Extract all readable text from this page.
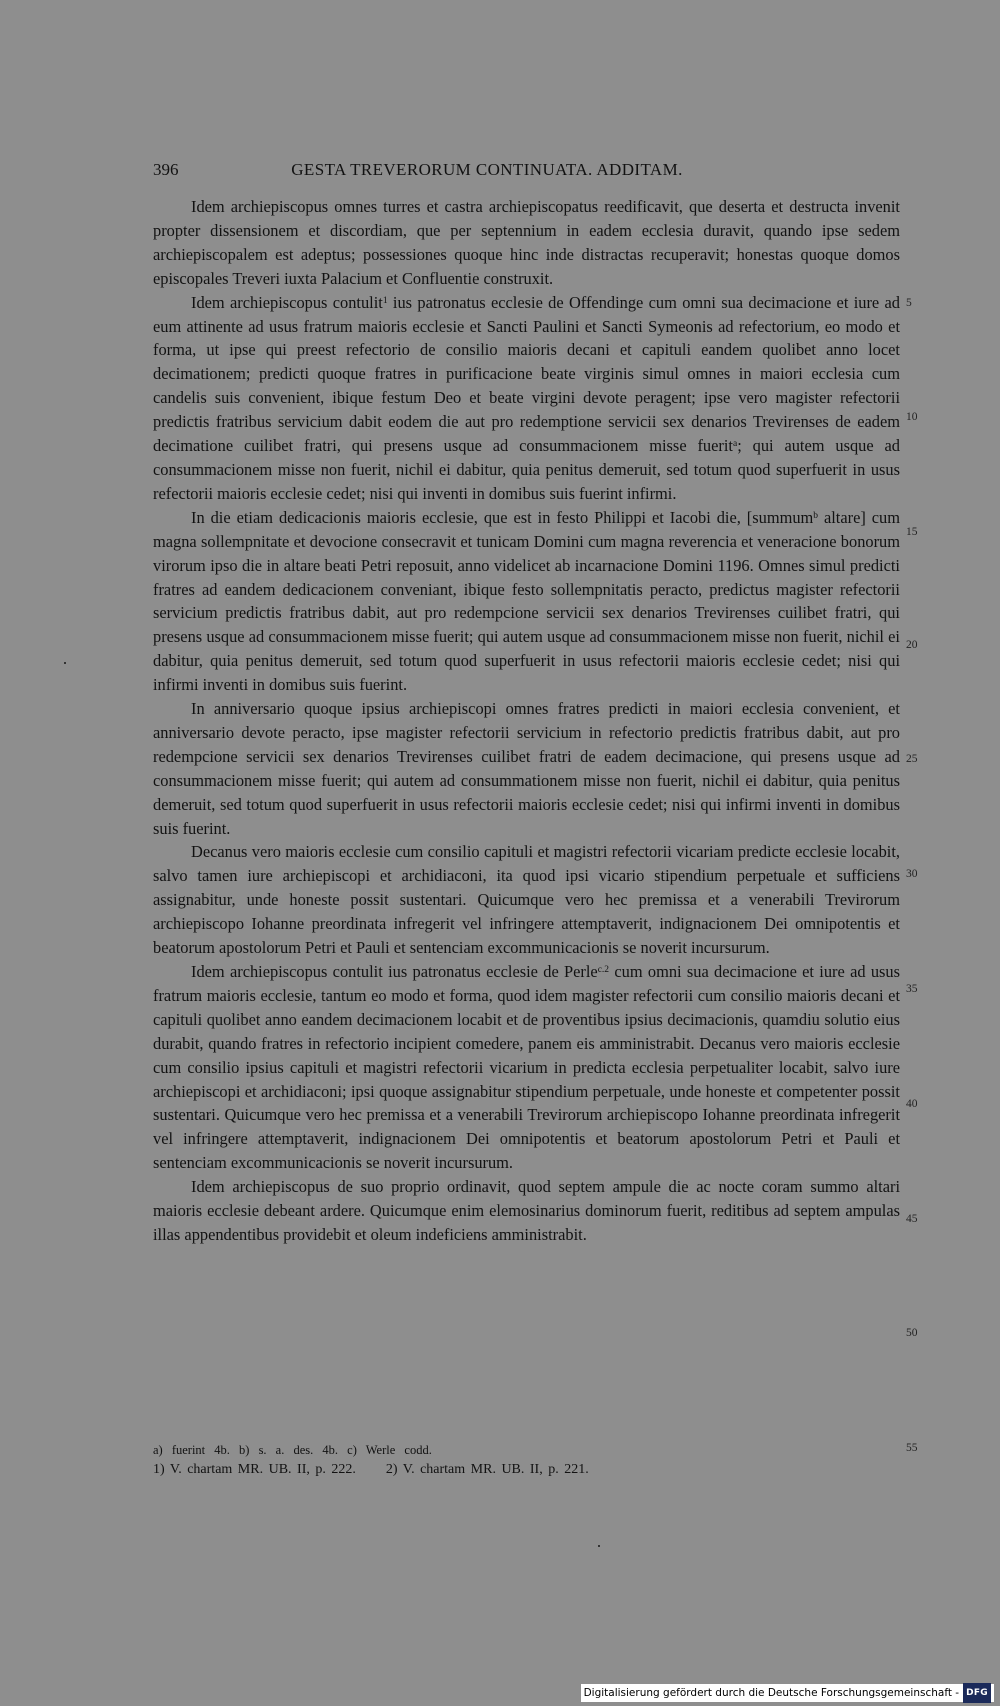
396	GESTA TREVERORUM CONTINUATA. ADDITAM.

Idem archiepiscopus omnes turres et castra archiepiscopatus reedificavit, que deserta et destructa invenit propter dissensionem et discordiam, que per septennium in eadem ecclesia duravit, quando ipse sedem archiepiscopalem est adeptus; possessiones quoque hinc inde distractas recuperavit; honestas quoque domos episcopales Treveri iuxta Palacium et Confluentie construxit.

Idem archiepiscopus contulit$^1$ ius patronatus ecclesie de Offendinge cum omni sua decimacione et iure ad eum attinente ad usus fratrum maioris ecclesie et Sancti Paulini et Sancti Symeonis ad refectorium, eo modo et forma, ut ipse qui preest refectorio de consilio maioris decani et capituli eandem quolibet anno locet decimationem; predicti quoque fratres in purificacione beate virginis simul omnes in maiori ecclesia cum candelis suis convenient, ibique festum Deo et beate virgini devote peragent; ipse vero magister refectorii predictis fratribus servicium dabit eodem die aut pro redemptione servicii sex denarios Trevirenses de eadem decimatione cuilibet fratri, qui presens usque ad consummacionem misse fuerit$^a$; qui autem usque ad consummacionem misse non fuerit, nichil ei dabitur, quia penitus demeruit, sed totum quod superfuerit in usus refectorii maioris ecclesie cedet; nisi qui inventi in domibus suis fuerint infirmi.

In die etiam dedicacionis maioris ecclesie, que est in festo Philippi et Iacobi die, [summum$^b$ altare] cum magna sollempnitate et devocione consecravit et tunicam Domini cum magna reverencia et veneracione bonorum virorum ipso die in altare beati Petri reposuit, anno videlicet ab incarnacione Domini 1196. Omnes simul predicti fratres ad eandem dedicacionem conveniant, ibique festo sollempnitatis peracto, predictus magister refectorii servicium predictis fratribus dabit, aut pro redempcione servicii sex denarios Trevirenses cuilibet fratri, qui presens usque ad consummacionem misse fuerit; qui autem usque ad consummacionem misse non fuerit, nichil ei dabitur, quia penitus demeruit, sed totum quod superfuerit in usus refectorii maioris ecclesie cedet; nisi qui infirmi inventi in domibus suis fuerint.

In anniversario quoque ipsius archiepiscopi omnes fratres predicti in maiori ecclesia convenient, et anniversario devote peracto, ipse magister refectorii servicium in refectorio predictis fratribus dabit, aut pro redempcione servicii sex denarios Trevirenses cuilibet fratri de eadem decimacione, qui presens usque ad consummacionem misse fuerit; qui autem ad consummationem misse non fuerit, nichil ei dabitur, quia penitus demeruit, sed totum quod superfuerit in usus refectorii maioris ecclesie cedet; nisi qui infirmi inventi in domibus suis fuerint.

Decanus vero maioris ecclesie cum consilio capituli et magistri refectorii vicariam predicte ecclesie locabit, salvo tamen iure archiepiscopi et archidiaconi, ita quod ipsi vicario stipendium perpetuale et sufficiens assignabitur, unde honeste possit sustentari. Quicumque vero hec premissa et a venerabili Trevirorum archiepiscopo Iohanne preordinata infregerit vel infringere attemptaverit, indignacionem Dei omnipotentis et beatorum apostolorum Petri et Pauli et sentenciam excommunicacionis se noverit incursurum.

Idem archiepiscopus contulit ius patronatus ecclesie de Perle$^{c.2}$ cum omni sua decimacione et iure ad usus fratrum maioris ecclesie, tantum eo modo et forma, quod idem magister refectorii cum consilio maioris decani et capituli quolibet anno eandem decimacionem locabit et de proventibus ipsius decimacionis, quamdiu solutio eius durabit, quando fratres in refectorio incipient comedere, panem eis amministrabit. Decanus vero maioris ecclesie cum consilio ipsius capituli et magistri refectorii vicarium in predicta ecclesia perpetualiter locabit, salvo iure archiepiscopi et archidiaconi; ipsi quoque assignabitur stipendium perpetuale, unde honeste et competenter possit sustentari. Quicumque vero hec premissa et a venerabili Trevirorum archiepiscopo Iohanne preordinata infregerit vel infringere attemptaverit, indignacionem Dei omnipotentis et beatorum apostolorum Petri et Pauli et sentenciam excommunicacionis se noverit incursurum.

Idem archiepiscopus de suo proprio ordinavit, quod septem ampule die ac nocte coram summo altari maioris ecclesie debeant ardere. Quicumque enim elemosinarius dominorum fuerit, reditibus ad septem ampulas illas appendentibus providebit et oleum indeficiens amministrabit.

5
10
15
20
25
30
35
40
45
50
55
a) fuerint 4b. b) s. a. des. 4b. c) Werle codd.
1) V. chartam MR. UB. II, p. 222. 2) V. chartam MR. UB. II, p. 221.
Digitalisierung gefördert durch die Deutsche Forschungsgemeinschaft - DFG
